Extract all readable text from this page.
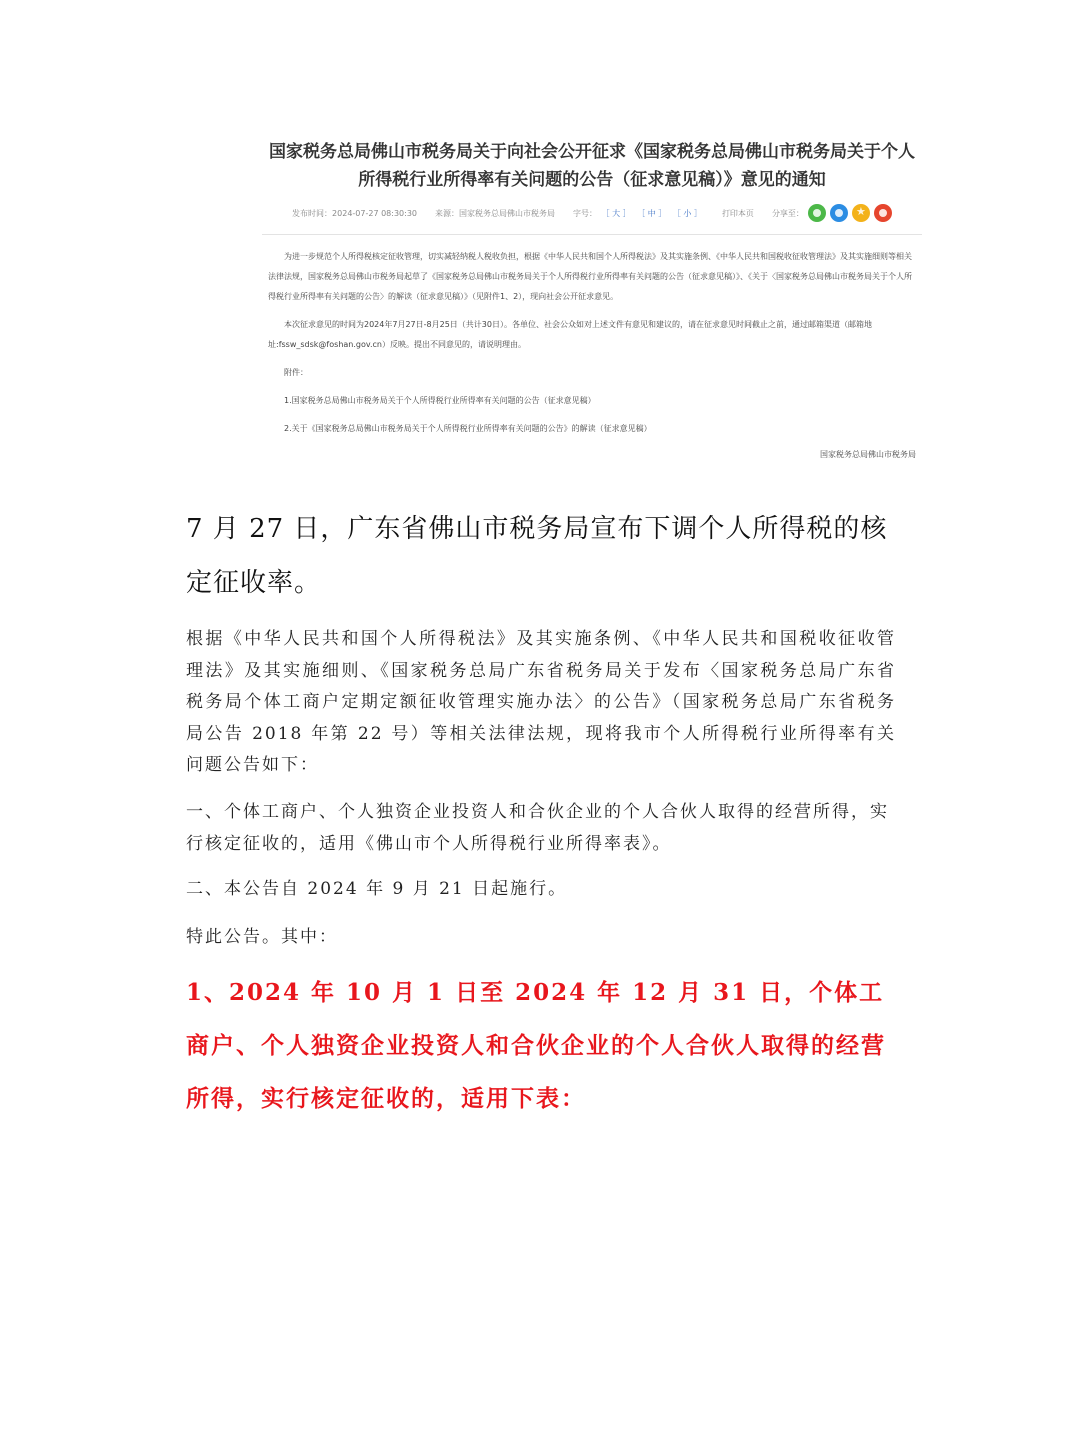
国家税务总局佛山市税务局关于向社会公开征求《国家税务总局佛山市税务局关于个人所得税行业所得率有关问题的公告（征求意见稿）》意见的通知
发布时间：2024-07-27 08:30:30 来源：国家税务总局佛山市税务局 字号： ［ 大 ］ ［ 中 ］ ［ 小 ］	打印本页 分享至：
★

为进一步规范个人所得税核定征收管理，切实减轻纳税人税收负担，根据《中华人民共和国个人所得税法》及其实施条例、《中华人民共和国税收征收管理法》及其实施细则等相关法律法规，国家税务总局佛山市税务局起草了《国家税务总局佛山市税务局关于个人所得税行业所得率有关问题的公告（征求意见稿）》、《关于〈国家税务总局佛山市税务局关于个人所得税行业所得率有关问题的公告〉的解读（征求意见稿）》（见附件1、2），现向社会公开征求意见。

本次征求意见的时间为2024年7月27日-8月25日（共计30日）。各单位、社会公众如对上述文件有意见和建议的，请在征求意见时间截止之前，通过邮箱渠道（邮箱地址:fssw_sdsk@foshan.gov.cn）反映。提出不同意见的，请说明理由。

附件：
1.国家税务总局佛山市税务局关于个人所得税行业所得率有关问题的公告（征求意见稿）
2.关于《国家税务总局佛山市税务局关于个人所得税行业所得率有关问题的公告》的解读（征求意见稿）
国家税务总局佛山市税务局
7 月 27 日，广东省佛山市税务局宣布下调个人所得税的核定征收率。
根据《中华人民共和国个人所得税法》及其实施条例、《中华人民共和国税收征收管理法》及其实施细则、《国家税务总局广东省税务局关于发布〈国家税务总局广东省税务局个体工商户定期定额征收管理实施办法〉的公告》（国家税务总局广东省税务局公告 2018 年第 22 号）等相关法律法规，现将我市个人所得税行业所得率有关问题公告如下：
一、个体工商户、个人独资企业投资人和合伙企业的个人合伙人取得的经营所得，实行核定征收的，适用《佛山市个人所得税行业所得率表》。
二、本公告自 2024 年 9 月 21 日起施行。
特此公告。其中：
1、2024 年 10 月 1 日至 2024 年 12 月 31 日，个体工商户、个人独资企业投资人和合伙企业的个人合伙人取得的经营所得，实行核定征收的，适用下表：
